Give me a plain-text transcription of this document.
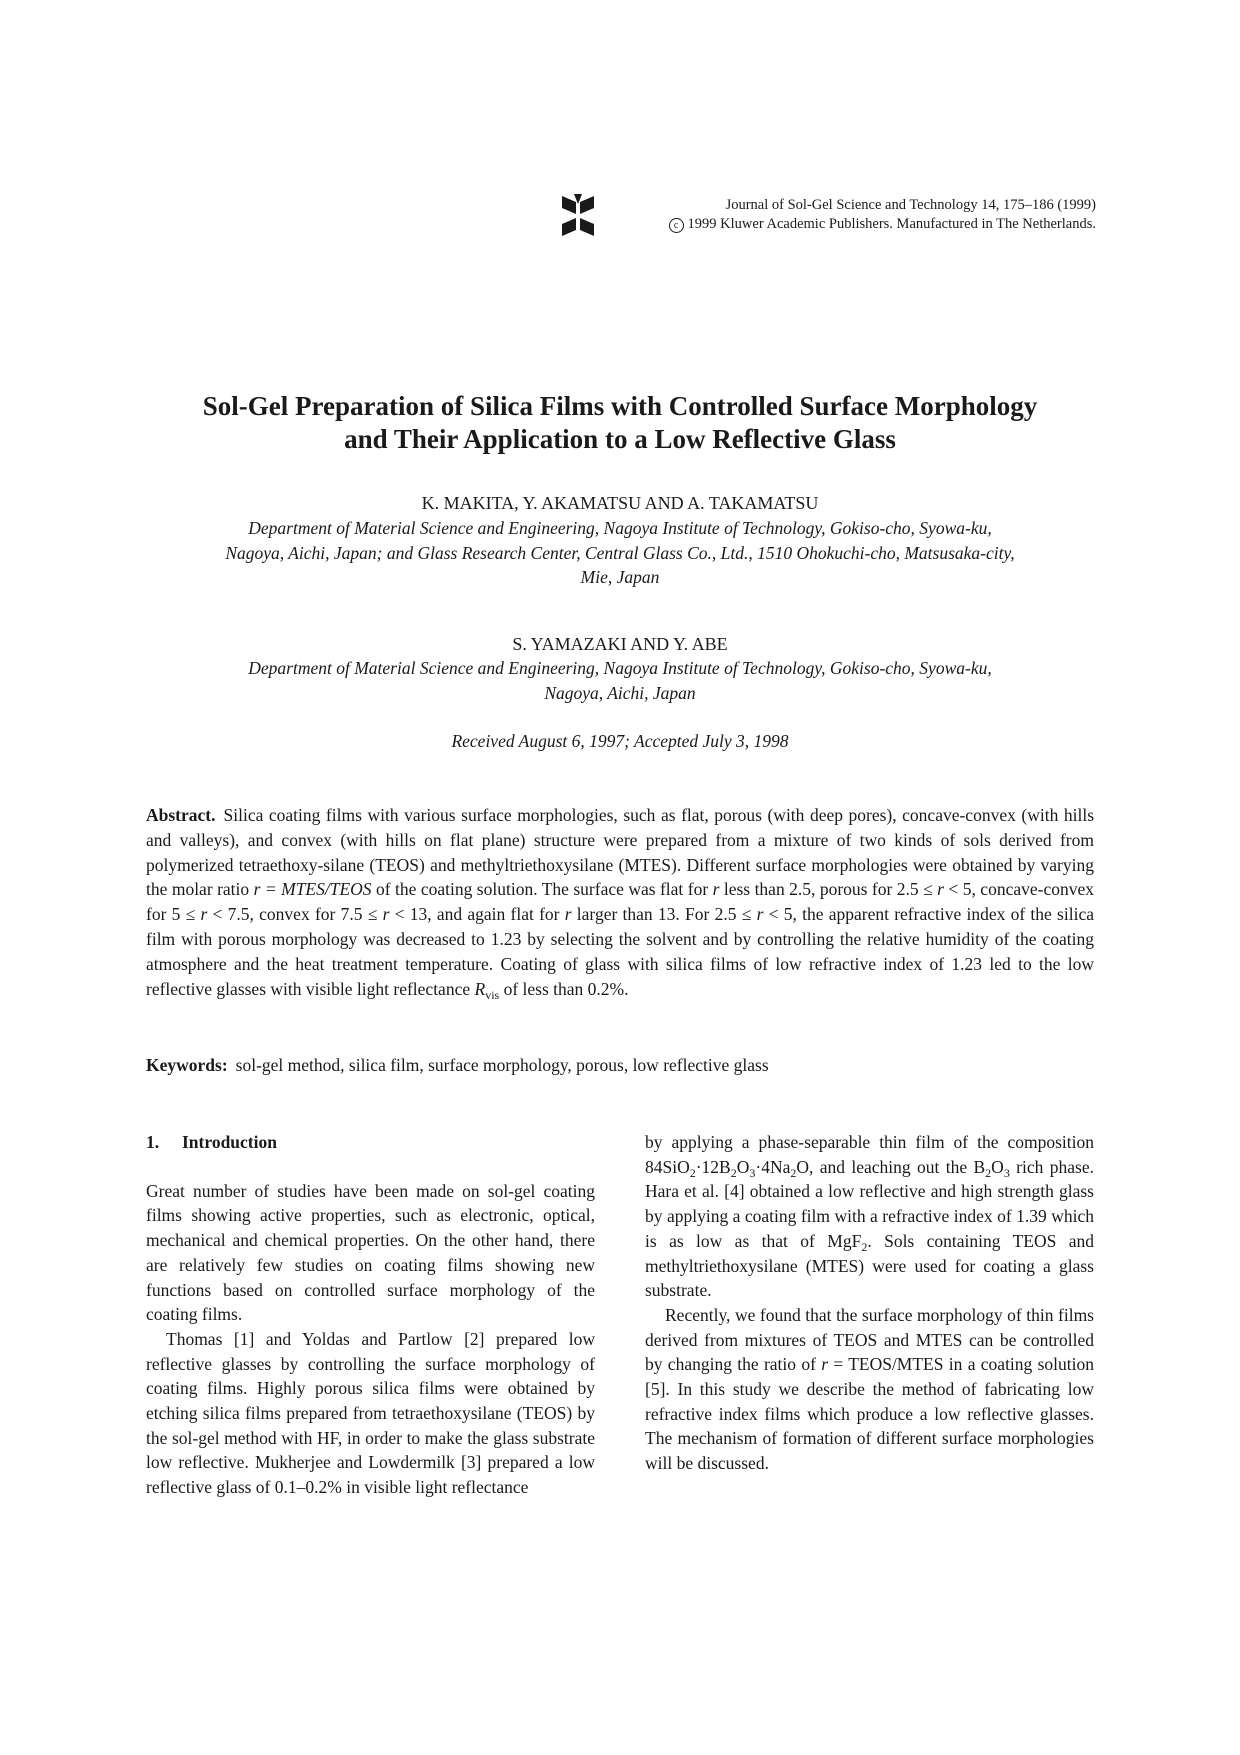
Journal of Sol-Gel Science and Technology 14, 175–186 (1999)
c 1999 Kluwer Academic Publishers. Manufactured in The Netherlands.
Sol-Gel Preparation of Silica Films with Controlled Surface Morphology
and Their Application to a Low Reflective Glass
K. MAKITA, Y. AKAMATSU AND A. TAKAMATSU
Department of Material Science and Engineering, Nagoya Institute of Technology, Gokiso-cho, Syowa-ku,
Nagoya, Aichi, Japan; and Glass Research Center, Central Glass Co., Ltd., 1510 Ohokuchi-cho, Matsusaka-city,
Mie, Japan
S. YAMAZAKI AND Y. ABE
Department of Material Science and Engineering, Nagoya Institute of Technology, Gokiso-cho, Syowa-ku,
Nagoya, Aichi, Japan
Received August 6, 1997; Accepted July 3, 1998
Abstract. Silica coating films with various surface morphologies, such as flat, porous (with deep pores), concave-convex (with hills and valleys), and convex (with hills on flat plane) structure were prepared from a mixture of two kinds of sols derived from polymerized tetraethoxy-silane (TEOS) and methyltriethoxysilane (MTES). Different surface morphologies were obtained by varying the molar ratio r = MTES/TEOS of the coating solution. The surface was flat for r less than 2.5, porous for 2.5 ≤ r < 5, concave-convex for 5 ≤ r < 7.5, convex for 7.5 ≤ r < 13, and again flat for r larger than 13. For 2.5 ≤ r < 5, the apparent refractive index of the silica film with porous morphology was decreased to 1.23 by selecting the solvent and by controlling the relative humidity of the coating atmosphere and the heat treatment temperature. Coating of glass with silica films of low refractive index of 1.23 led to the low reflective glasses with visible light reflectance $R_{vis}$ of less than 0.2%.
Keywords: sol-gel method, silica film, surface morphology, porous, low reflective glass
1. Introduction

Great number of studies have been made on sol-gel coating films showing active properties, such as electronic, optical, mechanical and chemical properties. On the other hand, there are relatively few studies on coating films showing new functions based on controlled surface morphology of the coating films.

Thomas [1] and Yoldas and Partlow [2] prepared low reflective glasses by controlling the surface morphology of coating films. Highly porous silica films were obtained by etching silica films prepared from tetraethoxysilane (TEOS) by the sol-gel method with HF, in order to make the glass substrate low reflective. Mukherjee and Lowdermilk [3] prepared a low reflective glass of 0.1–0.2% in visible light reflectance

by applying a phase-separable thin film of the composition $84SiO_2\cdot 12B_2O_3\cdot 4Na_2O$, and leaching out the $B_2O_3$ rich phase. Hara et al. [4] obtained a low reflective and high strength glass by applying a coating film with a refractive index of 1.39 which is as low as that of MgF$_2$. Sols containing TEOS and methyltriethoxysilane (MTES) were used for coating a glass substrate.

Recently, we found that the surface morphology of thin films derived from mixtures of TEOS and MTES can be controlled by changing the ratio of r = TEOS/MTES in a coating solution [5]. In this study we describe the method of fabricating low refractive index films which produce a low reflective glasses. The mechanism of formation of different surface morphologies will be discussed.
